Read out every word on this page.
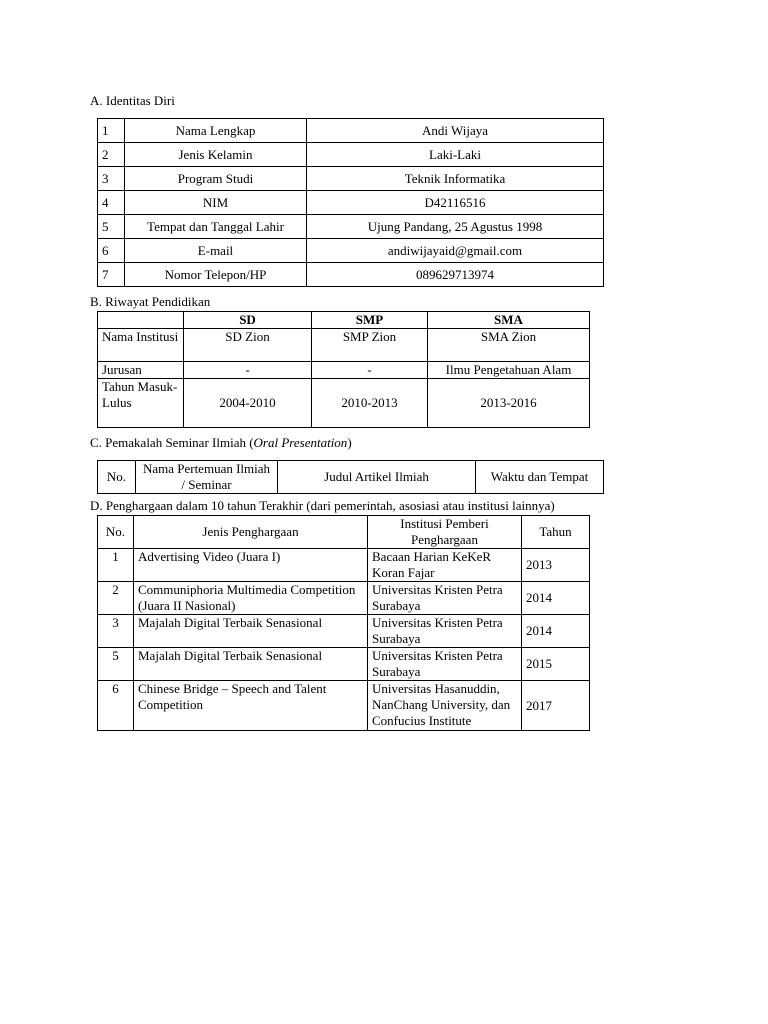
A. Identitas Diri
1	Nama Lengkap	Andi Wijaya
2	Jenis Kelamin	Laki-Laki
3	Program Studi	Teknik Informatika
4	NIM	D42116516
5	Tempat dan Tanggal Lahir	Ujung Pandang, 25 Agustus 1998
6	E-mail	andiwijayaid@gmail.com
7	Nomor Telepon/HP	089629713974
B. Riwayat Pendidikan
	SD	SMP	SMA
Nama Institusi	SD Zion	SMP Zion	SMA Zion
Jurusan	-	-	Ilmu Pengetahuan Alam
Tahun Masuk-Lulus	2004-2010	2010-2013	2013-2016
C. Pemakalah Seminar Ilmiah (Oral Presentation)
No.	Nama Pertemuan Ilmiah / Seminar	Judul Artikel Ilmiah	Waktu dan Tempat
D. Penghargaan dalam 10 tahun Terakhir (dari pemerintah, asosiasi atau institusi lainnya)
No.	Jenis Penghargaan	Institusi Pemberi Penghargaan	Tahun
1	Advertising Video (Juara I)	Bacaan Harian KeKeR Koran Fajar	2013
2	Communiphoria Multimedia Competition (Juara II Nasional)	Universitas Kristen Petra Surabaya	2014
3	Majalah Digital Terbaik Senasional	Universitas Kristen Petra Surabaya	2014
5	Majalah Digital Terbaik Senasional	Universitas Kristen Petra Surabaya	2015
6	Chinese Bridge – Speech and Talent Competition	Universitas Hasanuddin, NanChang University, dan Confucius Institute	2017
